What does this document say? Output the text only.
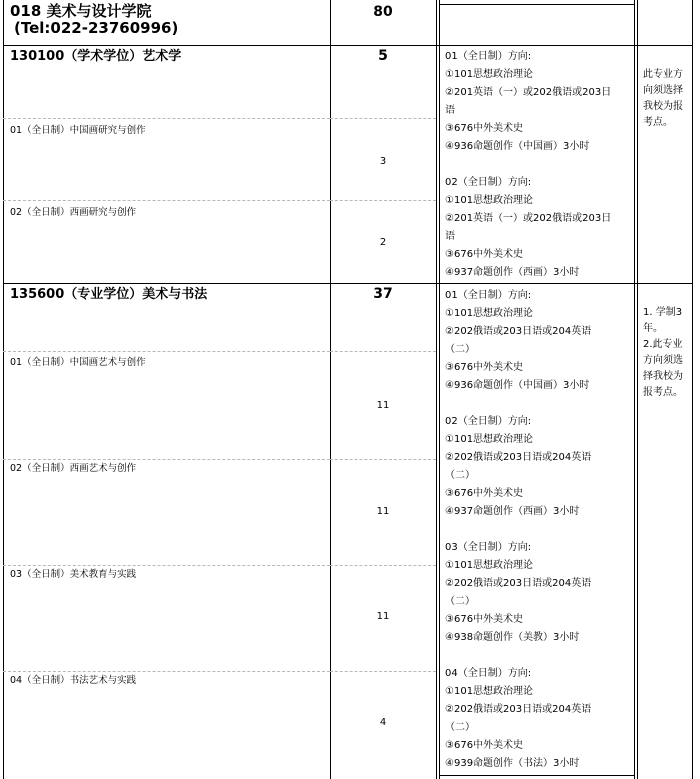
018 美术与设计学院
(Tel:022-23760996)
80
130100（学术学位）艺术学	5
01（全日制）中国画研究与创作
3
02（全日制）西画研究与创作
2
01（全日制）方向:
①101思想政治理论
②201英语（一）或202俄语或203日
语
③676中外美术史
④936命题创作（中国画）3小时
02（全日制）方向:
①101思想政治理论
②201英语（一）或202俄语或203日
语
③676中外美术史
④937命题创作（西画）3小时
此专业方
向须选择
我校为报
考点。
135600（专业学位）美术与书法	37
01（全日制）中国画艺术与创作
11
02（全日制）西画艺术与创作
11
03（全日制）美术教育与实践
11
04（全日制）书法艺术与实践
4
01（全日制）方向:
①101思想政治理论
②202俄语或203日语或204英语
（二）
③676中外美术史
④936命题创作（中国画）3小时
02（全日制）方向:
①101思想政治理论
②202俄语或203日语或204英语
（二）
③676中外美术史
④937命题创作（西画）3小时
03（全日制）方向:
①101思想政治理论
②202俄语或203日语或204英语
（二）
③676中外美术史
④938命题创作（美教）3小时
04（全日制）方向:
①101思想政治理论
②202俄语或203日语或204英语
（二）
③676中外美术史
④939命题创作（书法）3小时
1. 学制3
年。
2.此专业
方向须选
择我校为
报考点。
